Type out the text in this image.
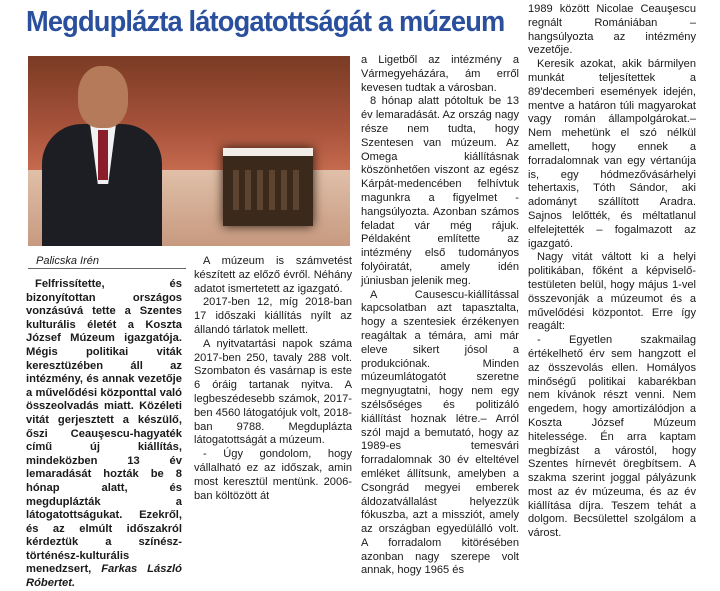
Megduplázta látogatottságát a múzeum
Palicska Irén

Felfrissítette, és bizonyítottan országos vonzásúvá tette a Szentes kulturális életét a Koszta József Múzeum igazgatója. Mégis politikai viták keresztüzében áll az intézmény, és annak vezetője a művelődési központtal való összeolvadás miatt. Közéleti vitát gerjesztett a készülő, őszi Ceauşescu-hagyaték című új kiállítás, mindeközben 13 év lemaradását hozták be 8 hónap alatt, és megduplázták a látogatottságukat. Ezekről, és az elmúlt időszakról kérdeztük a színész-történész-kulturális menedzsert, Farkas László Róbertet.

A múzeum is számvetést készített az előző évről. Néhány adatot ismertetett az igazgató.

2017-ben 12, míg 2018-ban 17 időszaki kiállítás nyílt az állandó tárlatok mellett.

A nyitvatartási napok száma 2017-ben 250, tavaly 288 volt. Szombaton és vasárnap is este 6 óráig tartanak nyitva. A legbeszédesebb számok, 2017-ben 4560 látogatójuk volt, 2018-ban 9788. Megduplázta látogatottságát a múzeum.

- Úgy gondolom, hogy vállalható ez az időszak, amin most keresztül mentünk. 2006-ban költözött át

a Ligetből az intézmény a Vármegyeházára, ám erről kevesen tudtak a városban.

8 hónap alatt pótoltuk be 13 év lemaradását. Az ország nagy része nem tudta, hogy Szentesen van múzeum. Az Omega kiállításnak köszönhetően viszont az egész Kárpát-medencében felhívtuk magunkra a figyelmet - hangsúlyozta. Azonban számos feladat vár még rájuk. Példaként említette az intézmény első tudományos folyóiratát, amely idén júniusban jelenik meg.

A Causescu-kiállítással kapcsolatban azt tapasztalta, hogy a szentesiek érzékenyen reagáltak a témára, ami már eleve sikert jósol a produkciónak. Minden múzeumlátogatót szeretne megnyugtatni, hogy nem egy szélsőséges és politizáló kiállítást hoznak létre.– Arról szól majd a bemutató, hogy az 1989-es temesvári forradalomnak 30 év elteltével emléket állítsunk, amelyben a Csongrád megyei emberek áldozatvállalást helyezzük fókuszba, azt a missziót, amely az országban egyedülálló volt. A forradalom kitörésében azonban nagy szerepe volt annak, hogy 1965 és

1989 között Nicolae Ceauşescu regnált Romániában – hangsúlyozta az intézmény vezetője.

Keresik azokat, akik bármilyen munkát teljesítettek a 89'decemberi események idején, mentve a határon túli magyarokat vagy román állampolgárokat.– Nem mehetünk el szó nélkül amellett, hogy ennek a forradalomnak van egy vértanúja is, egy hódmezővásárhelyi tehertaxis, Tóth Sándor, aki adományt szállított Aradra. Sajnos lelőtték, és méltatlanul elfelejtették – fogalmazott az igazgató.

Nagy vitát váltott ki a helyi politikában, főként a képviselő-testületen belül, hogy május 1-vel összevonják a múzeumot és a művelődési központot. Erre így reagált:

- Egyetlen szakmailag értékelhető érv sem hangzott el az összevolás ellen. Homályos minőségű politikai kabarékban nem kívánok részt venni. Nem engedem, hogy amortizálódjon a Koszta József Múzeum hitelessége. Én arra kaptam megbízást a várostól, hogy Szentes hírnevét öregbítsem. A szakma szerint joggal pályázunk most az év múzeuma, és az év kiállítása díjra. Teszem tehát a dolgom. Becsülettel szolgálom a várost.
